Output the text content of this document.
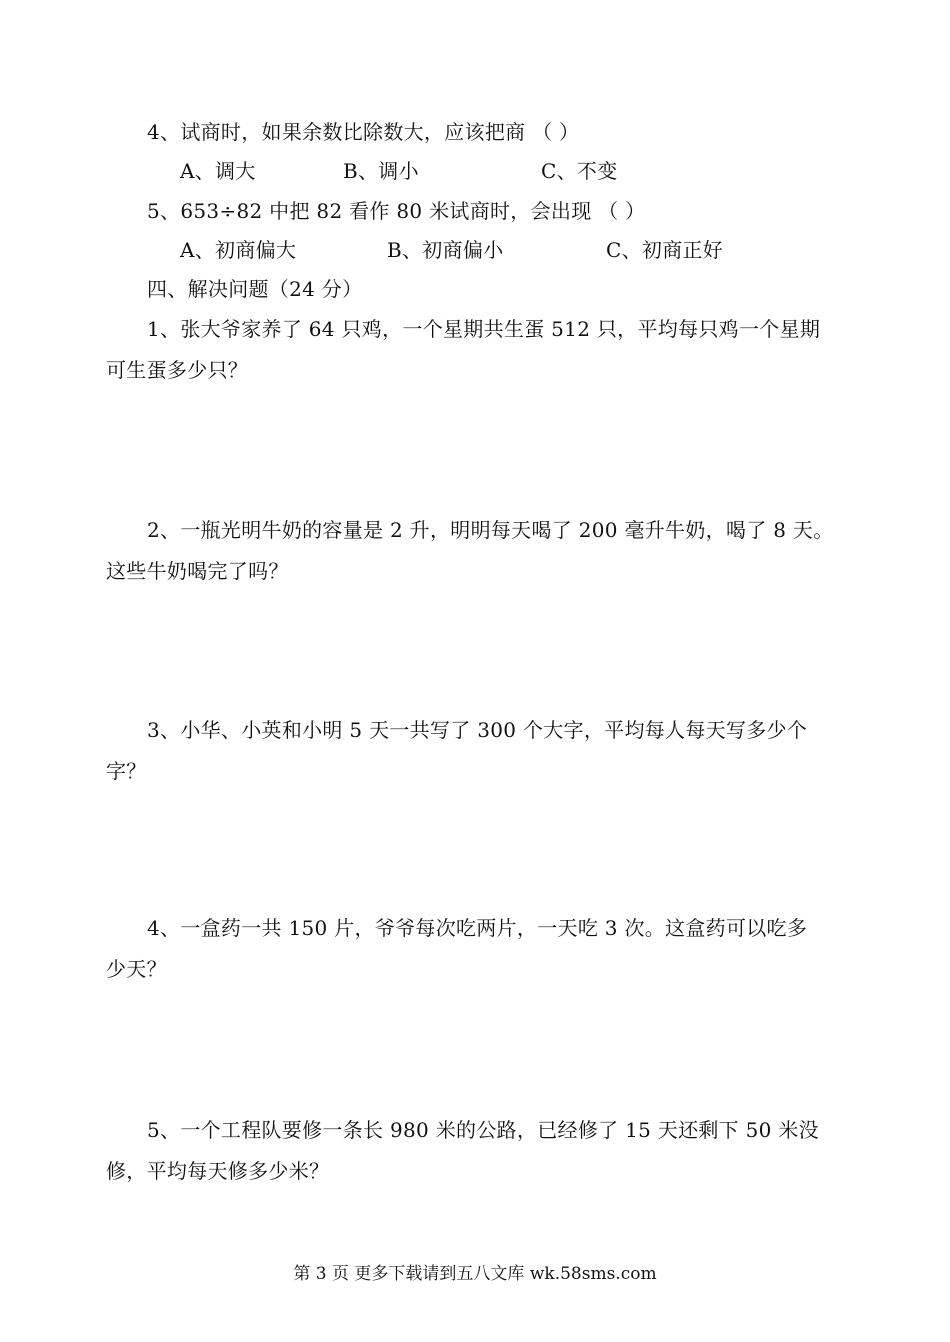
4、试商时，如果余数比除数大，应该把商 （ ）
A、调大	B、调小	C、不变
5、653÷82 中把 82 看作 80 米试商时，会出现 （ ）
A、初商偏大	B、初商偏小	C、初商正好
四、解决问题（24 分）
1、张大爷家养了 64 只鸡，一个星期共生蛋 512 只，平均每只鸡一个星期
可生蛋多少只？
2、一瓶光明牛奶的容量是 2 升，明明每天喝了 200 毫升牛奶，喝了 8 天。
这些牛奶喝完了吗？
3、小华、小英和小明 5 天一共写了 300 个大字，平均每人每天写多少个
字？
4、一盒药一共 150 片，爷爷每次吃两片，一天吃 3 次。这盒药可以吃多
少天？
5、一个工程队要修一条长 980 米的公路，已经修了 15 天还剩下 50 米没
修，平均每天修多少米？
第 3 页 更多下载请到五八文库 wk.58sms.com
